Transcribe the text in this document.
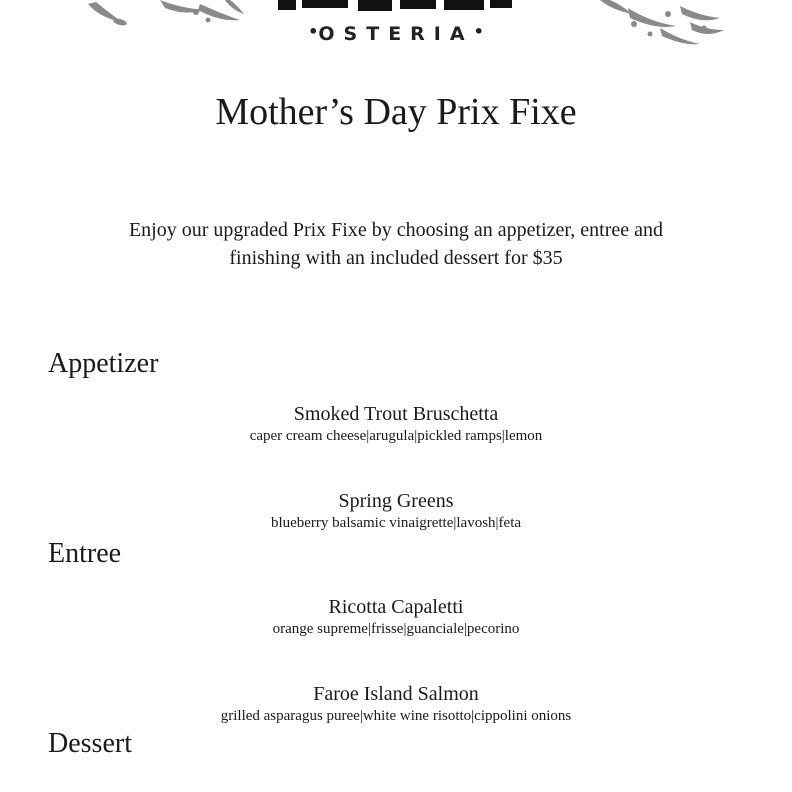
•OSTERIA•
Mother’s Day Prix Fixe
Enjoy our upgraded Prix Fixe by choosing an appetizer, entree and
finishing with an included dessert for $35
Appetizer
Smoked Trout Bruschetta
caper cream cheese|arugula|pickled ramps|lemon
Spring Greens
blueberry balsamic vinaigrette|lavosh|feta
Entree
Ricotta Capaletti
orange supreme|frisse|guanciale|pecorino
Faroe Island Salmon
grilled asparagus puree|white wine risotto|cippolini onions
Dessert
